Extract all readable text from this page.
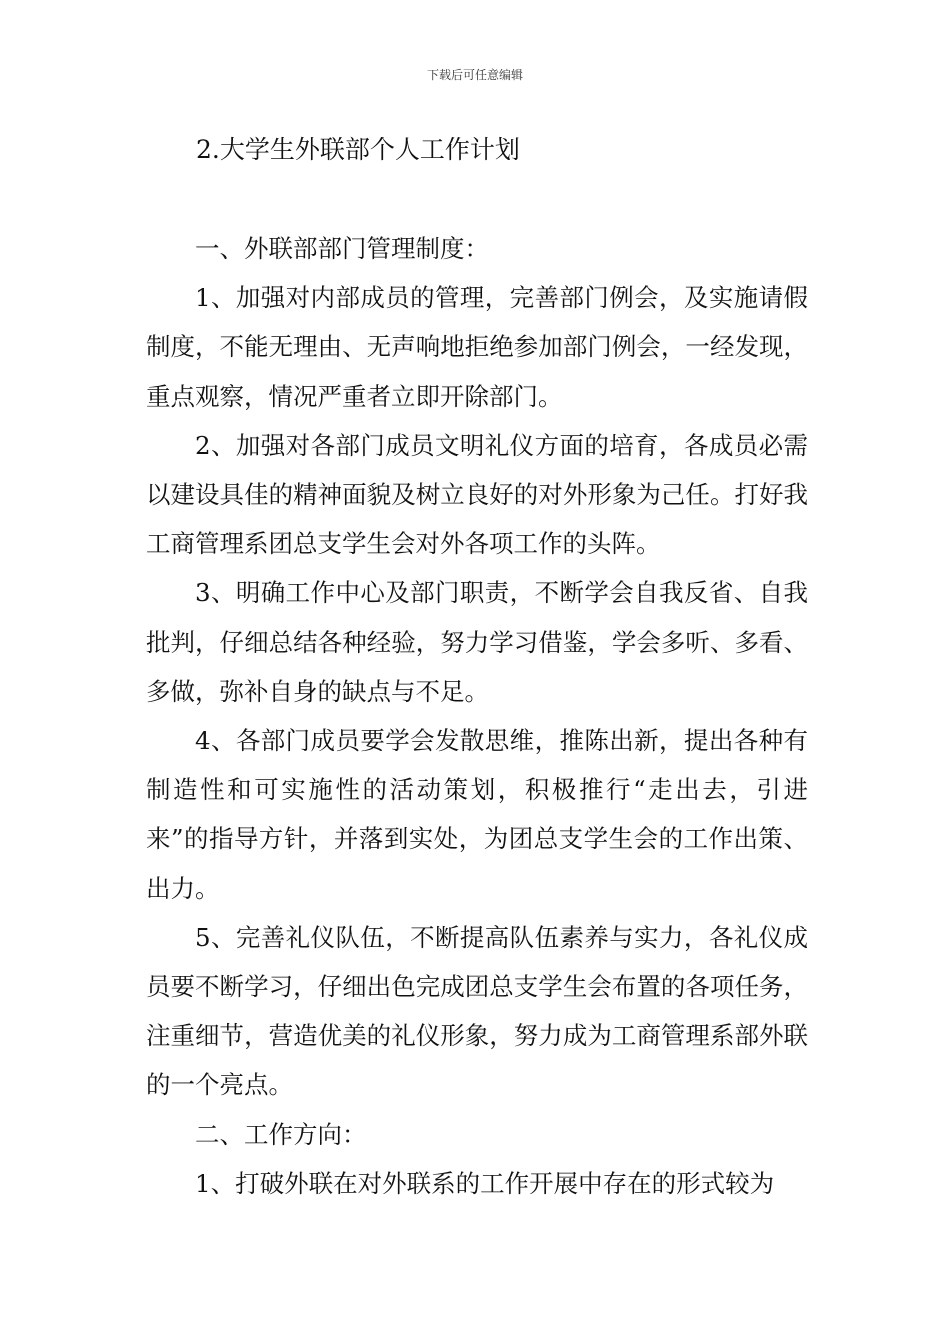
下载后可任意编辑
2.大学生外联部个人工作计划

一、外联部部门管理制度：

1、加强对内部成员的管理，完善部门例会，及实施请假制度，不能无理由、无声响地拒绝参加部门例会，一经发现，重点观察，情况严重者立即开除部门。

2、加强对各部门成员文明礼仪方面的培育，各成员必需以建设具佳的精神面貌及树立良好的对外形象为己任。打好我工商管理系团总支学生会对外各项工作的头阵。

3、明确工作中心及部门职责，不断学会自我反省、自我批判，仔细总结各种经验，努力学习借鉴，学会多听、多看、多做，弥补自身的缺点与不足。

4、各部门成员要学会发散思维，推陈出新，提出各种有制造性和可实施性的活动策划，积极推行“走出去，引进来”的指导方针，并落到实处，为团总支学生会的工作出策、出力。

5、完善礼仪队伍，不断提高队伍素养与实力，各礼仪成员要不断学习，仔细出色完成团总支学生会布置的各项任务，注重细节，营造优美的礼仪形象，努力成为工商管理系部外联的一个亮点。

二、工作方向：

1、打破外联在对外联系的工作开展中存在的形式较为
